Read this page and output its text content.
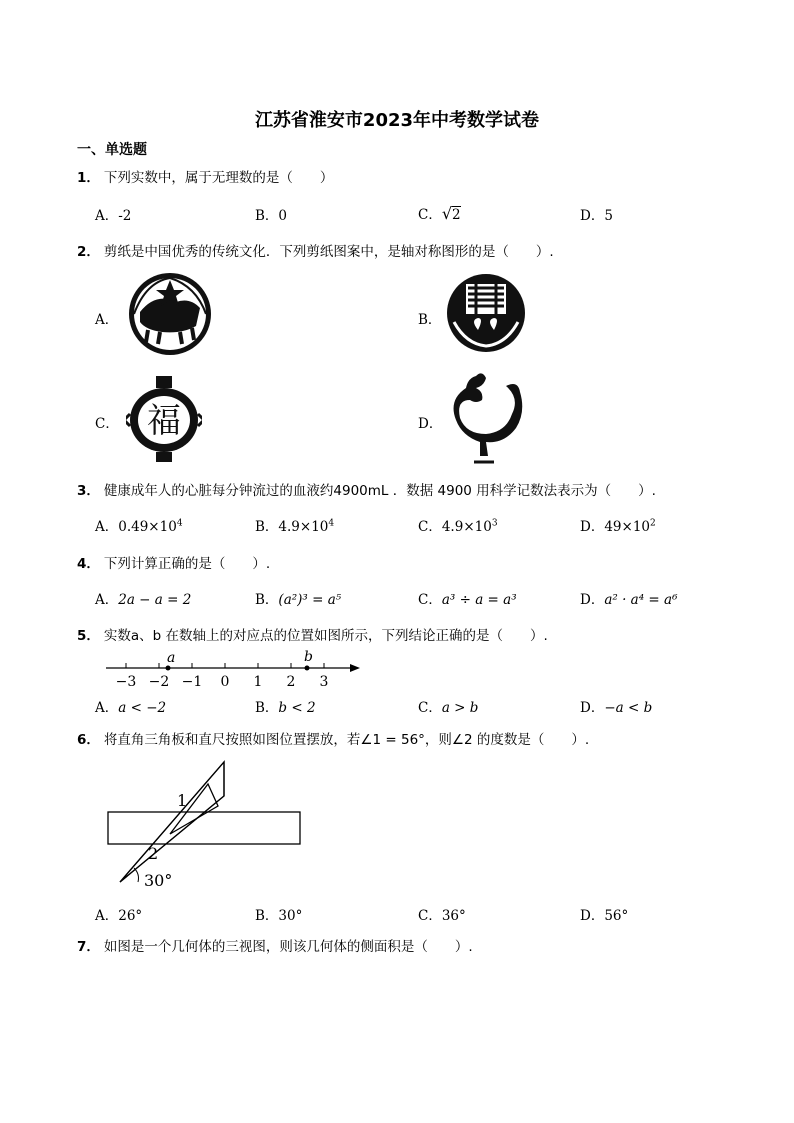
江苏省淮安市2023年中考数学试卷
一、单选题
1． 下列实数中，属于无理数的是（　　）
A．-2	B．0	C．√2	D．5
2． 剪纸是中国优秀的传统文化．下列剪纸图案中，是轴对称图形的是（　　）.
A．	B．
C． 福	D．
3． 健康成年人的心脏每分钟流过的血液约4900mL ．数据 4900 用科学记数法表示为（　　）.
A．$0.49\times 10^4$	B．$4.9\times 10^4$	C．$4.9\times 10^3$	D．$49\times 10^2$
4． 下列计算正确的是（　　）.
A．2a − a = 2	B．(a²)³ = a⁵	C．a³ ÷ a = a³	D．a² · a⁴ = a⁶
5． 实数a、b 在数轴上的对应点的位置如图所示，下列结论正确的是（　　）.
−3 −2 −1 0 1 2 3
a	b
A．a < −2	B．b < 2	C．a > b	D．−a < b
6． 将直角三角板和直尺按照如图位置摆放，若∠1 = 56°，则∠2 的度数是（　　）.
1
2
30°
A．26°	B．30°	C．36°	D．56°
7． 如图是一个几何体的三视图，则该几何体的侧面积是（　　）.
